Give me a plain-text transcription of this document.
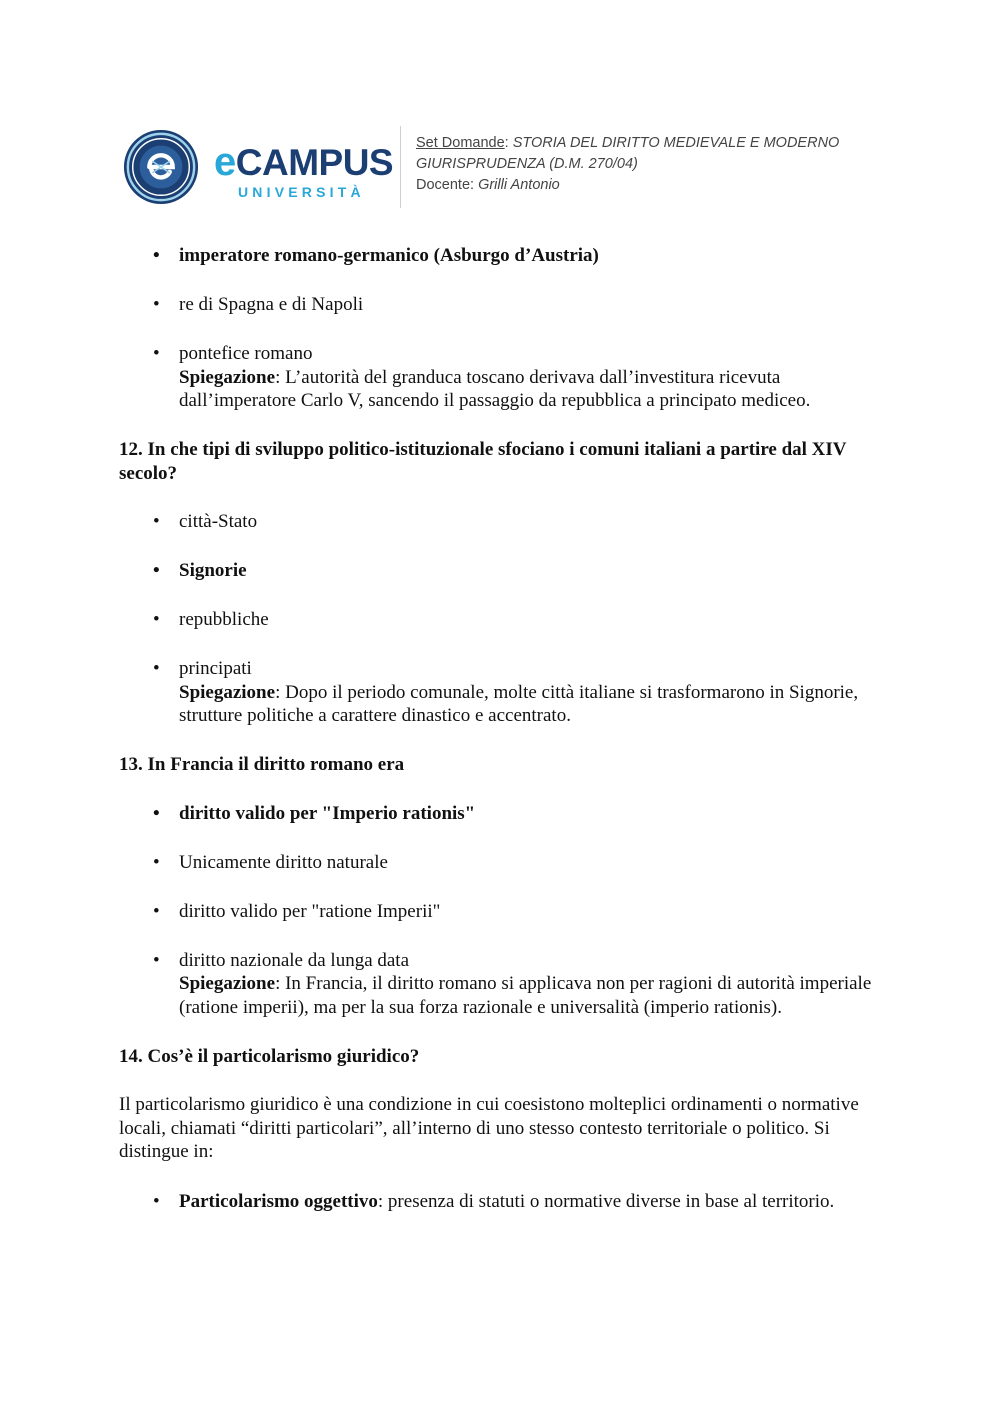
eCAMPUS
UNIVERSITÀ
Set Domande: STORIA DEL DIRITTO MEDIEVALE E MODERNO
GIURISPRUDENZA (D.M. 270/04)
Docente: Grilli Antonio
• imperatore romano-germanico (Asburgo d’Austria)
• re di Spagna e di Napoli
• pontefice romano
Spiegazione: L’autorità del granduca toscano derivava dall’investitura ricevuta dall’imperatore Carlo V, sancendo il passaggio da repubblica a principato mediceo.
12. In che tipi di sviluppo politico-istituzionale sfociano i comuni italiani a partire dal XIV secolo?
• città-Stato
• Signorie
• repubbliche
• principati
Spiegazione: Dopo il periodo comunale, molte città italiane si trasformarono in Signorie, strutture politiche a carattere dinastico e accentrato.
13. In Francia il diritto romano era
• diritto valido per "Imperio rationis"
• Unicamente diritto naturale
• diritto valido per "ratione Imperii"
• diritto nazionale da lunga data
Spiegazione: In Francia, il diritto romano si applicava non per ragioni di autorità imperiale (ratione imperii), ma per la sua forza razionale e universalità (imperio rationis).
14. Cos’è il particolarismo giuridico?

Il particolarismo giuridico è una condizione in cui coesistono molteplici ordinamenti o normative locali, chiamati “diritti particolari”, all’interno di uno stesso contesto territoriale o politico. Si distingue in:

• Particolarismo oggettivo: presenza di statuti o normative diverse in base al territorio.
